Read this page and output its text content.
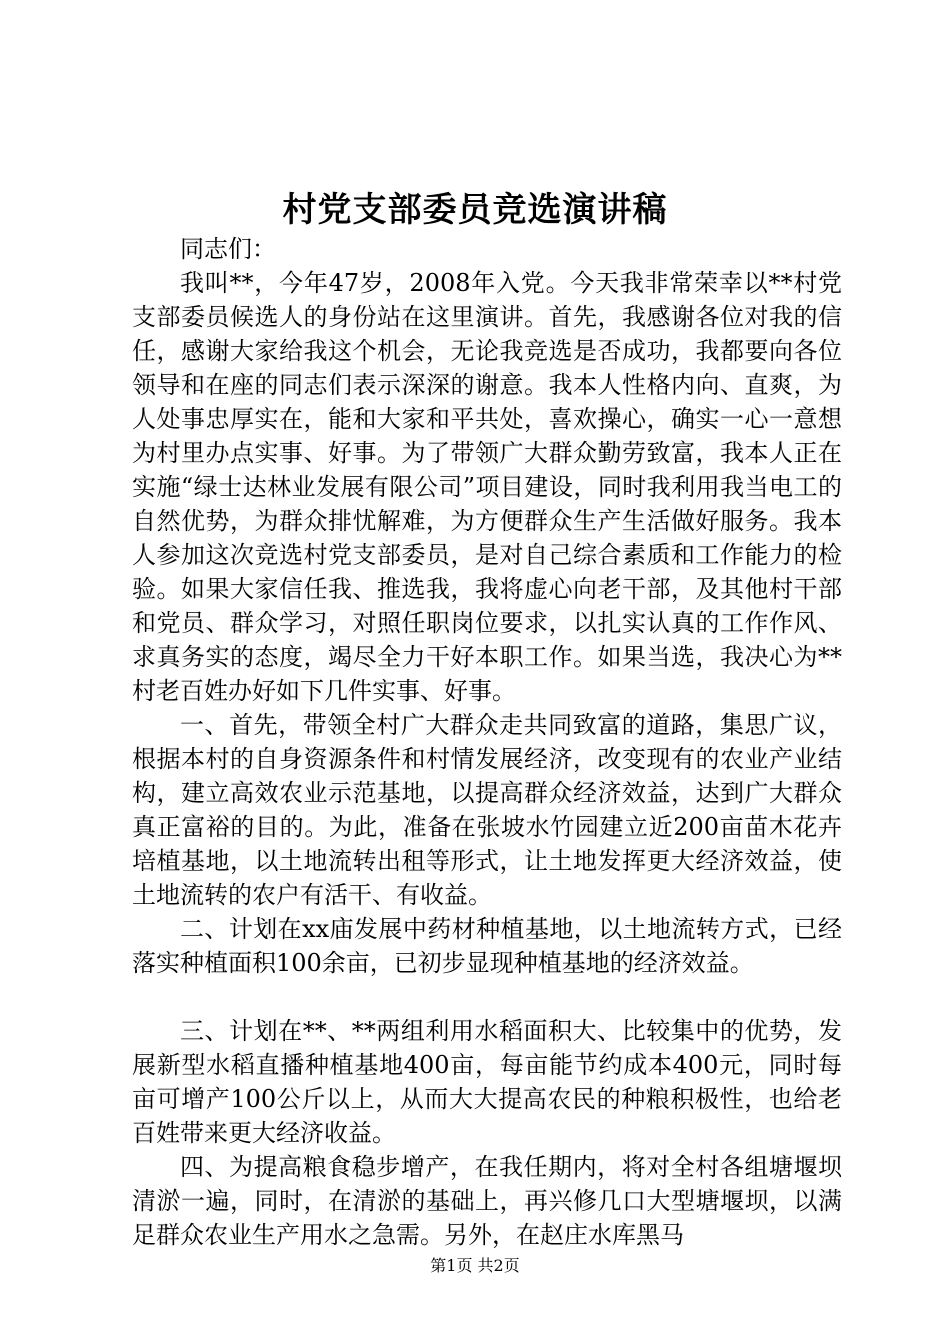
村党支部委员竞选演讲稿

同志们：

我叫**，今年47岁，2008年入党。今天我非常荣幸以**村党支部委员候选人的身份站在这里演讲。首先，我感谢各位对我的信任，感谢大家给我这个机会，无论我竞选是否成功，我都要向各位领导和在座的同志们表示深深的谢意。我本人性格内向、直爽，为人处事忠厚实在，能和大家和平共处，喜欢操心，确实一心一意想为村里办点实事、好事。为了带领广大群众勤劳致富，我本人正在实施“绿士达林业发展有限公司”项目建设，同时我利用我当电工的自然优势，为群众排忧解难，为方便群众生产生活做好服务。我本人参加这次竞选村党支部委员，是对自己综合素质和工作能力的检验。如果大家信任我、推选我，我将虚心向老干部，及其他村干部和党员、群众学习，对照任职岗位要求，以扎实认真的工作作风、求真务实的态度，竭尽全力干好本职工作。如果当选，我决心为**村老百姓办好如下几件实事、好事。

一、首先，带领全村广大群众走共同致富的道路，集思广议，根据本村的自身资源条件和村情发展经济，改变现有的农业产业结构，建立高效农业示范基地，以提高群众经济效益，达到广大群众真正富裕的目的。为此，准备在张坡水竹园建立近200亩苗木花卉培植基地，以土地流转出租等形式，让土地发挥更大经济效益，使土地流转的农户有活干、有收益。

二、计划在xx庙发展中药材种植基地，以土地流转方式，已经落实种植面积100余亩，已初步显现种植基地的经济效益。

三、计划在**、**两组利用水稻面积大、比较集中的优势，发展新型水稻直播种植基地400亩，每亩能节约成本400元，同时每亩可增产100公斤以上，从而大大提高农民的种粮积极性，也给老百姓带来更大经济收益。

四、为提高粮食稳步增产，在我任期内，将对全村各组塘堰坝清淤一遍，同时，在清淤的基础上，再兴修几口大型塘堰坝，以满足群众农业生产用水之急需。另外，在赵庄水库黑马

第1页 共2页
